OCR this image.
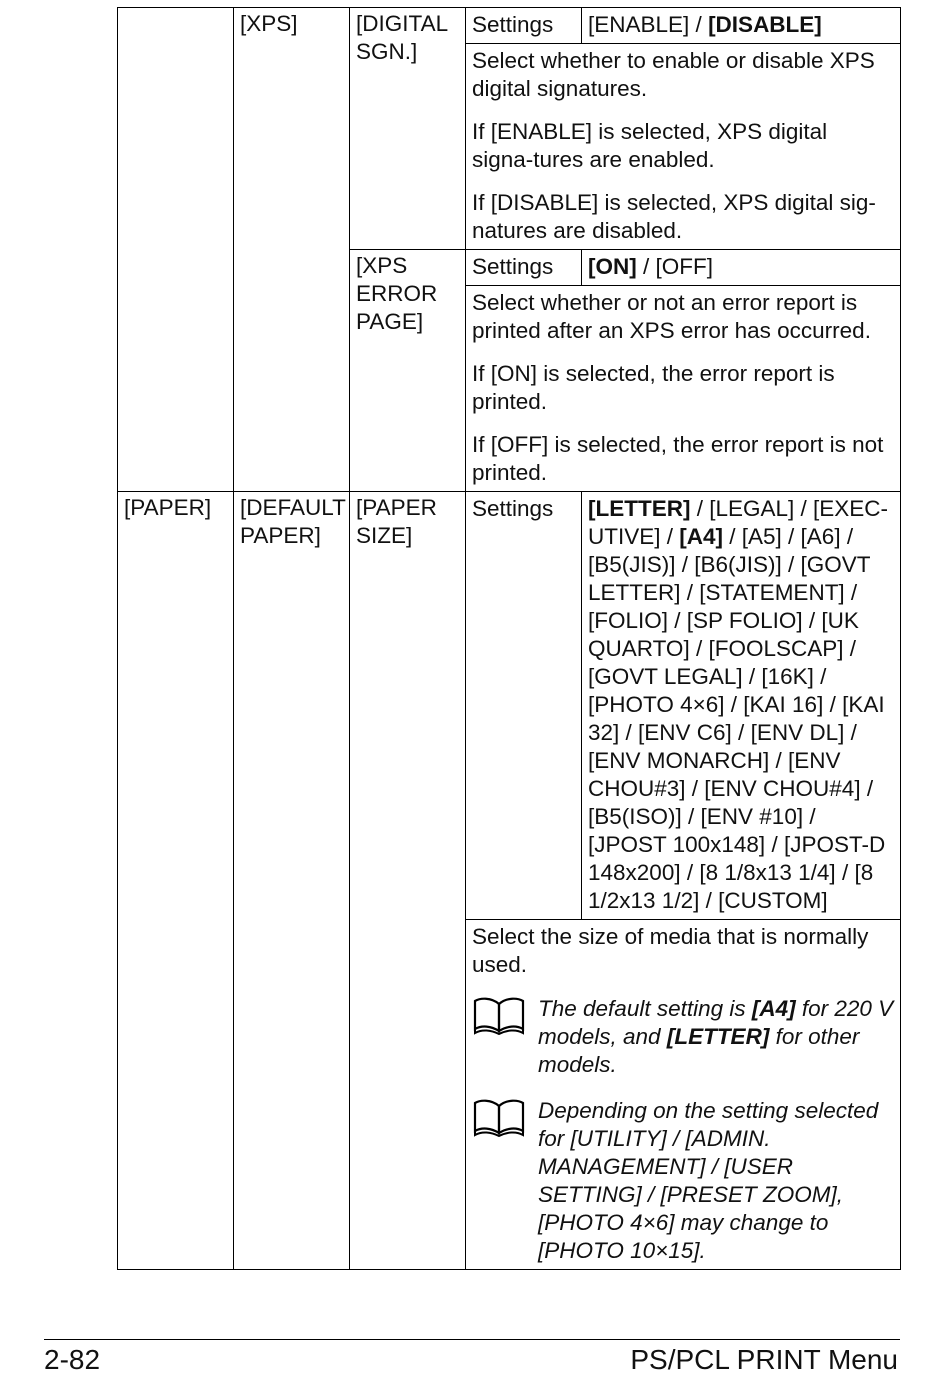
	[XPS]	[DIGITAL SGN.]	Settings	[ENABLE] / [DISABLE]

			Select whether to enable or disable XPS digital signatures.

If [ENABLE] is selected, XPS digital signa-tures are enabled.

If [DISABLE] is selected, XPS digital sig-natures are disabled.	

		[XPS ERROR PAGE]	Settings	[ON] / [OFF]

			Select whether or not an error report is printed after an XPS error has occurred.

If [ON] is selected, the error report is printed.

If [OFF] is selected, the error report is not printed.	

[PAPER]	[DEFAULT PAPER]	[PAPER SIZE]	Settings	[LETTER] / [LEGAL] / [EXEC-UTIVE] / [A4] / [A5] / [A6] / [B5(JIS)] / [B6(JIS)] / [GOVT LETTER] / [STATEMENT] / [FOLIO] / [SP FOLIO] / [UK QUARTO] / [FOOLSCAP] / [GOVT LEGAL] / [16K] / [PHOTO 4×6] / [KAI 16] / [KAI 32] / [ENV C6] / [ENV DL] / [ENV MONARCH] / [ENV CHOU#3] / [ENV CHOU#4] / [B5(ISO)] / [ENV #10] / [JPOST 100x148] / [JPOST-D 148x200] / [8 1/8x13 1/4] / [8 1/2x13 1/2] / [CUSTOM]

			Select the size of media that is normally used.

The default setting is [A4] for 220 V models, and [LETTER] for other models.
Depending on the setting selected for [UTILITY] / [ADMIN. MANAGEMENT] / [USER SETTING] / [PRESET ZOOM], [PHOTO 4×6] may change to [PHOTO 10×15].	
2-82	PS/PCL PRINT Menu
